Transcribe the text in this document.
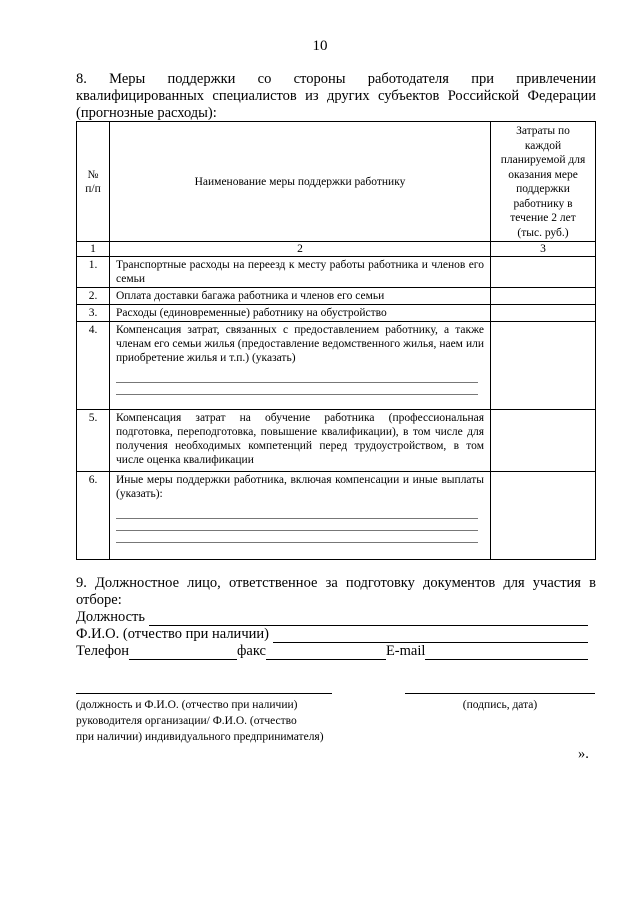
10
8. Меры поддержки со стороны работодателя при привлечении
квалифицированных специалистов из других субъектов Российской Федерации (прогнозные расходы):
№ п/п	Наименование меры поддержки работнику	Затраты по каждой планируемой для оказания мере поддержки работнику в течение 2 лет (тыс. руб.)
1	2	3
1.	Транспортные расходы на переезд к месту работы работника и членов его семьи	
2.	Оплата доставки багажа работника и членов его семьи	
3.	Расходы (единовременные) работнику на обустройство	
4.	Компенсация затрат, связанных с предоставлением работнику, а также членам его семьи жилья (предоставление ведомственного жилья, наем или приобретение жилья и т.п.) (указать)	

5.	Компенсация затрат на обучение работника (профессиональная подготовка, переподготовка, повышение квалификации), в том числе для получения необходимых компетенций перед трудоустройством, в том числе оценка квалификации	
6.	Иные меры поддержки работника, включая компенсации и иные выплаты (указать):	

9. Должностное лицо, ответственное за подготовку документов для участия в
отборе:
Должность
Ф.И.О. (отчество при наличии)
Телефон	факс	E-mail
(должность и Ф.И.О. (отчество при наличии)
руководителя организации/ Ф.И.О. (отчество
при наличии) индивидуального предпринимателя)
(подпись, дата)
».
